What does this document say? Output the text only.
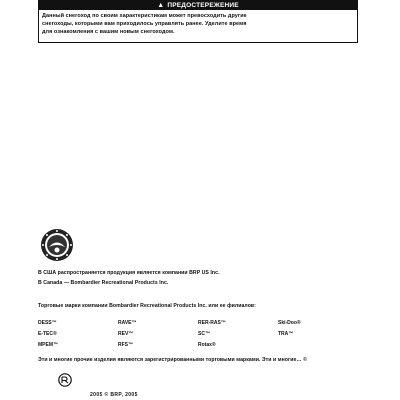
▲ ПРЕДОСТЕРЕЖЕНИЕ
Данный снегоход по своим характеристикам может превосходить другие
снегоходы, которыми вам приходилось управлять ранее. Уделите время
для ознакомления с вашим новым снегоходом.
В США распространяется продукция является компании BRP US Inc.
В Canada — Bombardier Recreational Products Inc.
Торговые марки компании Bombardier Recreational Products Inc. или ее филиалов:
DESS™	RAVE™	RER-RAS™	Ski-Doo®
E-TEC®	REV™	SC™	TRA™
MPEM™	RFS™	Rotax®
Эти и многие прочие изделия являются зарегистрированными торговыми марками. Эти и многие… ©
2005 © BRP, 2005
